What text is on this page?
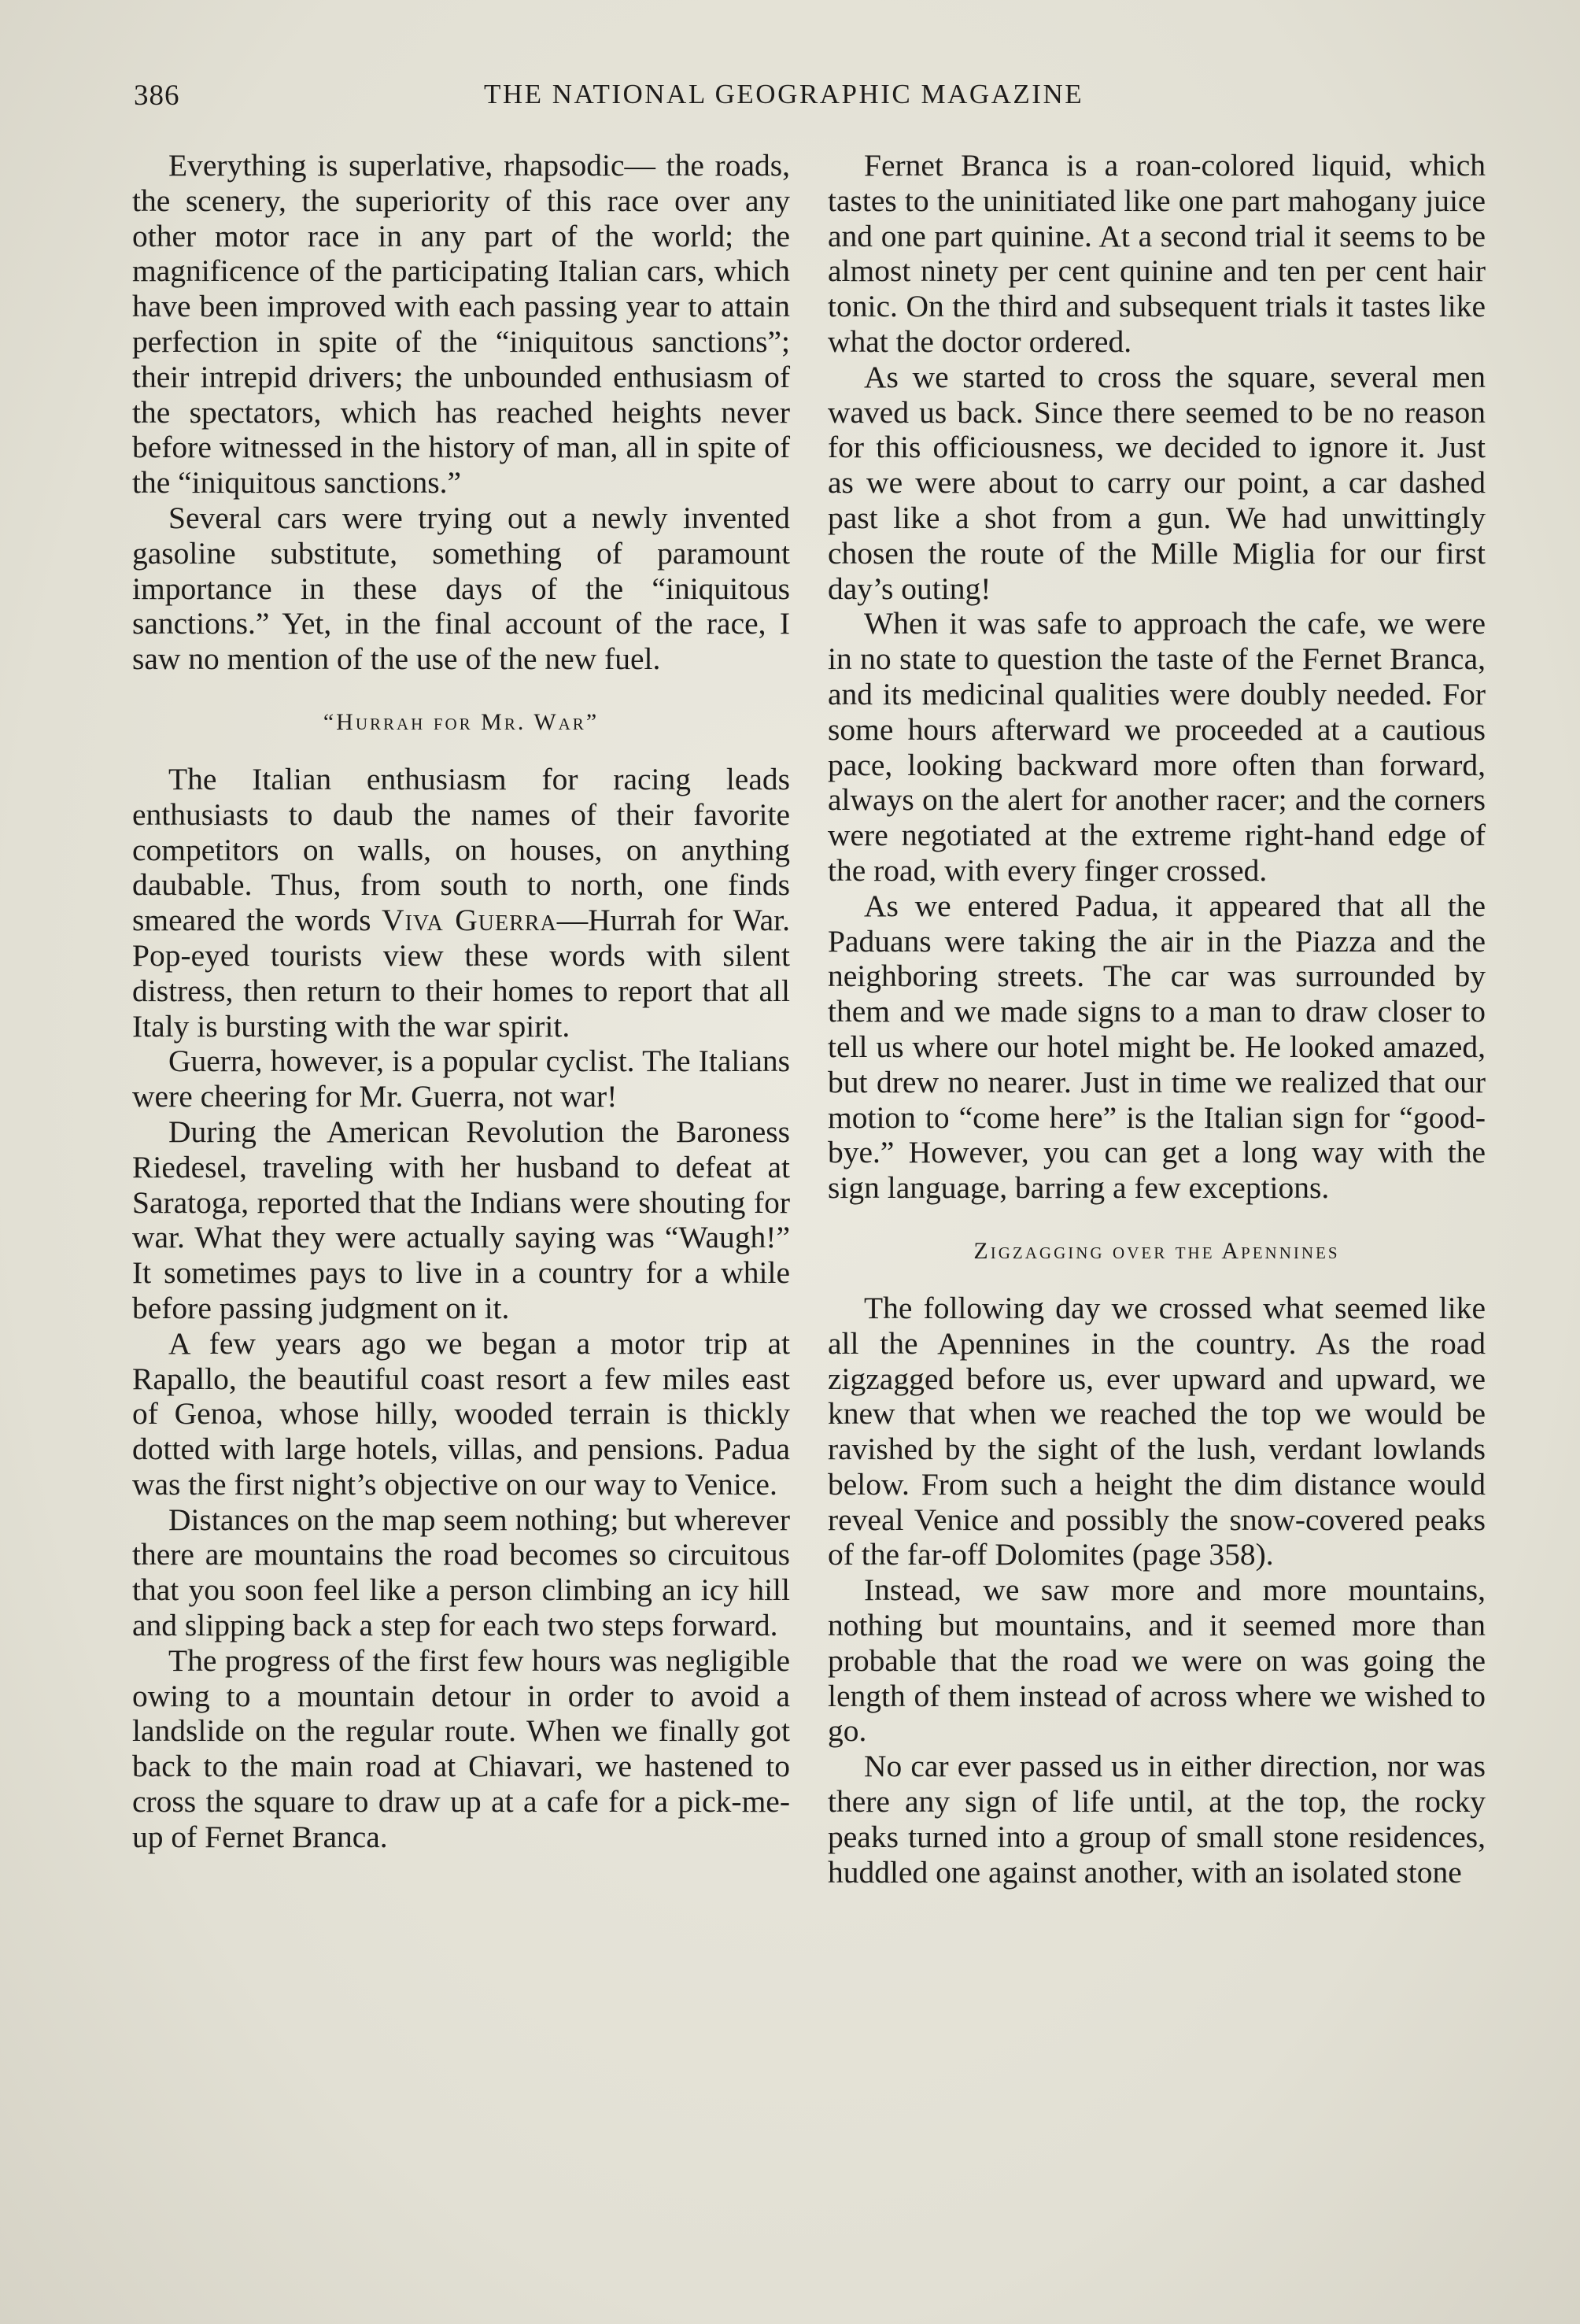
386	THE NATIONAL GEOGRAPHIC MAGAZINE

Everything is superlative, rhapsodic— the roads, the scenery, the superiority of this race over any other motor race in any part of the world; the magnificence of the participating Italian cars, which have been improved with each passing year to attain perfection in spite of the “iniquitous sanctions”; their intrepid drivers; the unbounded enthusiasm of the spectators, which has reached heights never before witnessed in the history of man, all in spite of the “iniquitous sanctions.”

Several cars were trying out a newly invented gasoline substitute, something of paramount importance in these days of the “iniquitous sanctions.” Yet, in the final account of the race, I saw no mention of the use of the new fuel.

“Hurrah for Mr. War”

The Italian enthusiasm for racing leads enthusiasts to daub the names of their favorite competitors on walls, on houses, on anything daubable. Thus, from south to north, one finds smeared the words Viva Guerra—Hurrah for War. Pop-eyed tourists view these words with silent distress, then return to their homes to report that all Italy is bursting with the war spirit.

Guerra, however, is a popular cyclist. The Italians were cheering for Mr. Guerra, not war!

During the American Revolution the Baroness Riedesel, traveling with her husband to defeat at Saratoga, reported that the Indians were shouting for war. What they were actually saying was “Waugh!” It sometimes pays to live in a country for a while before passing judgment on it.

A few years ago we began a motor trip at Rapallo, the beautiful coast resort a few miles east of Genoa, whose hilly, wooded terrain is thickly dotted with large hotels, villas, and pensions. Padua was the first night’s objective on our way to Venice.

Distances on the map seem nothing; but wherever there are mountains the road becomes so circuitous that you soon feel like a person climbing an icy hill and slipping back a step for each two steps forward.

The progress of the first few hours was negligible owing to a mountain detour in order to avoid a landslide on the regular route. When we finally got back to the main road at Chiavari, we hastened to cross the square to draw up at a cafe for a pick-me-up of Fernet Branca.

Fernet Branca is a roan-colored liquid, which tastes to the uninitiated like one part mahogany juice and one part quinine. At a second trial it seems to be almost ninety per cent quinine and ten per cent hair tonic. On the third and subsequent trials it tastes like what the doctor ordered.

As we started to cross the square, several men waved us back. Since there seemed to be no reason for this officiousness, we decided to ignore it. Just as we were about to carry our point, a car dashed past like a shot from a gun. We had unwittingly chosen the route of the Mille Miglia for our first day’s outing!

When it was safe to approach the cafe, we were in no state to question the taste of the Fernet Branca, and its medicinal qualities were doubly needed. For some hours afterward we proceeded at a cautious pace, looking backward more often than forward, always on the alert for another racer; and the corners were negotiated at the extreme right-hand edge of the road, with every finger crossed.

As we entered Padua, it appeared that all the Paduans were taking the air in the Piazza and the neighboring streets. The car was surrounded by them and we made signs to a man to draw closer to tell us where our hotel might be. He looked amazed, but drew no nearer. Just in time we realized that our motion to “come here” is the Italian sign for “good-bye.” However, you can get a long way with the sign language, barring a few exceptions.

Zigzagging over the Apennines

The following day we crossed what seemed like all the Apennines in the country. As the road zigzagged before us, ever upward and upward, we knew that when we reached the top we would be ravished by the sight of the lush, verdant lowlands below. From such a height the dim distance would reveal Venice and possibly the snow-covered peaks of the far-off Dolomites (page 358).

Instead, we saw more and more mountains, nothing but mountains, and it seemed more than probable that the road we were on was going the length of them instead of across where we wished to go.

No car ever passed us in either direction, nor was there any sign of life until, at the top, the rocky peaks turned into a group of small stone residences, huddled one against another, with an isolated stone
